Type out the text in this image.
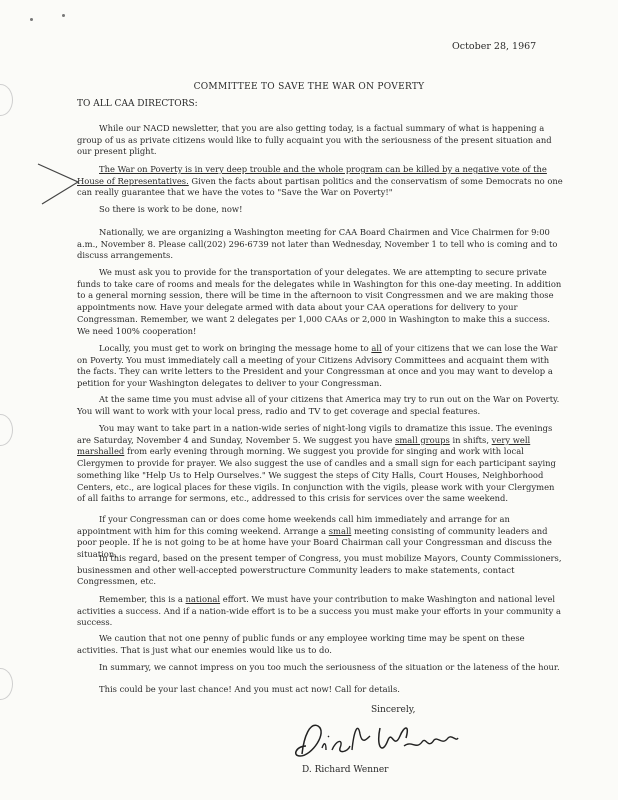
October 28, 1967
COMMITTEE TO SAVE THE WAR ON POVERTY
TO ALL CAA DIRECTORS:
While our NACD newsletter, that you are also getting today, is a factual summary of what is happening a group of us as private citizens would like to fully acquaint you with the seriousness of the present situation and our present plight.
The War on Poverty is in very deep trouble and the whole program can be killed by a negative vote of the House of Representatives. Given the facts about partisan politics and the conservatism of some Democrats no one can really guarantee that we have the votes to "Save the War on Poverty!"
So there is work to be done, now!
Nationally, we are organizing a Washington meeting for CAA Board Chairmen and Vice Chairmen for 9:00 a.m., November 8. Please call(202) 296-6739 not later than Wednesday, November 1 to tell who is coming and to discuss arrangements.
We must ask you to provide for the transportation of your delegates. We are attempting to secure private funds to take care of rooms and meals for the delegates while in Washington for this one-day meeting. In addition to a general morning session, there will be time in the afternoon to visit Congressmen and we are making those appointments now. Have your delegate armed with data about your CAA operations for delivery to your Congressman. Remember, we want 2 delegates per 1,000 CAAs or 2,000 in Washington to make this a success. We need 100% cooperation!
Locally, you must get to work on bringing the message home to all of your citizens that we can lose the War on Poverty. You must immediately call a meeting of your Citizens Advisory Committees and acquaint them with the facts. They can write letters to the President and your Congressman at once and you may want to develop a petition for your Washington delegates to deliver to your Congressman.
At the same time you must advise all of your citizens that America may try to run out on the War on Poverty. You will want to work with your local press, radio and TV to get coverage and special features.
You may want to take part in a nation-wide series of night-long vigils to dramatize this issue. The evenings are Saturday, November 4 and Sunday, November 5. We suggest you have small groups in shifts, very well marshalled from early evening through morning. We suggest you provide for singing and work with local Clergymen to provide for prayer. We also suggest the use of candles and a small sign for each participant saying something like "Help Us to Help Ourselves." We suggest the steps of City Halls, Court Houses, Neighborhood Centers, etc., are logical places for these vigils. In conjunction with the vigils, please work with your Clergymen of all faiths to arrange for sermons, etc., addressed to this crisis for services over the same weekend.
If your Congressman can or does come home weekends call him immediately and arrange for an appointment with him for this coming weekend. Arrange a small meeting consisting of community leaders and poor people. If he is not going to be at home have your Board Chairman call your Congressman and discuss the situation.
In this regard, based on the present temper of Congress, you must mobilize Mayors, County Commissioners, businessmen and other well-accepted powerstructure Community leaders to make statements, contact Congressmen, etc.
Remember, this is a national effort. We must have your contribution to make Washington and national level activities a success. And if a nation-wide effort is to be a success you must make your efforts in your community a success.
We caution that not one penny of public funds or any employee working time may be spent on these activities. That is just what our enemies would like us to do.
In summary, we cannot impress on you too much the seriousness of the situation or the lateness of the hour.
This could be your last chance! And you must act now! Call for details.
Sincerely,
D. Richard Wenner
